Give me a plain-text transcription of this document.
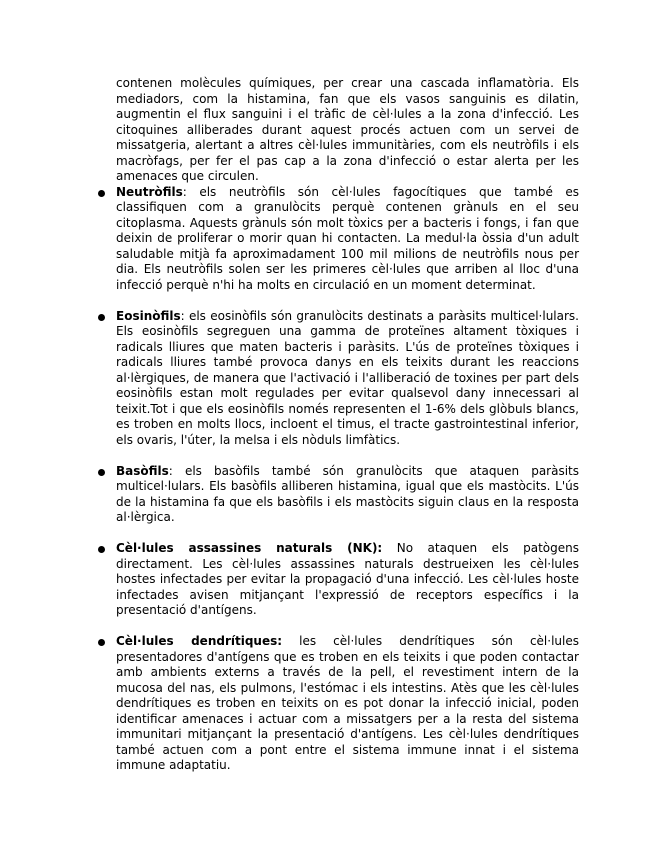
contenen molècules químiques, per crear una cascada inflamatòria. Els mediadors, com la histamina, fan que els vasos sanguinis es dilatin, augmentin el flux sanguini i el tràfic de cèl·lules a la zona d'infecció. Les citoquines alliberades durant aquest procés actuen com un servei de missatgeria, alertant a altres cèl·lules immunitàries, com els neutròfils i els macròfags, per fer el pas cap a la zona d'infecció o estar alerta per les amenaces que circulen.

Neutròfils: els neutròfils són cèl·lules fagocítiques que també es classifiquen com a granulòcits perquè contenen grànuls en el seu citoplasma. Aquests grànuls són molt tòxics per a bacteris i fongs, i fan que deixin de proliferar o morir quan hi contacten. La medul·la òssia d'un adult saludable mitjà fa aproximadament 100 mil milions de neutròfils nous per dia. Els neutròfils solen ser les primeres cèl·lules que arriben al lloc d'una infecció perquè n'hi ha molts en circulació en un moment determinat.
Eosinòfils: els eosinòfils són granulòcits destinats a paràsits multicel·lulars. Els eosinòfils segreguen una gamma de proteïnes altament tòxiques i radicals lliures que maten bacteris i paràsits. L'ús de proteïnes tòxiques i radicals lliures també provoca danys en els teixits durant les reaccions al·lèrgiques, de manera que l'activació i l'alliberació de toxines per part dels eosinòfils estan molt regulades per evitar qualsevol dany innecessari al teixit.Tot i que els eosinòfils només representen el 1-6% dels glòbuls blancs, es troben en molts llocs, incloent el timus, el tracte gastrointestinal inferior, els ovaris, l'úter, la melsa i els nòduls limfàtics.
Basòfils: els basòfils també són granulòcits que ataquen paràsits multicel·lulars. Els basòfils alliberen histamina, igual que els mastòcits. L'ús de la histamina fa que els basòfils i els mastòcits siguin claus en la resposta al·lèrgica.
Cèl·lules assassines naturals (NK): No ataquen els patògens directament. Les cèl·lules assassines naturals destrueixen les cèl·lules hostes infectades per evitar la propagació d'una infecció. Les cèl·lules hoste infectades avisen mitjançant l'expressió de receptors específics i la presentació d'antígens.
Cèl·lules dendrítiques: les cèl·lules dendrítiques són cèl·lules presentadores d'antígens que es troben en els teixits i que poden contactar amb ambients externs a través de la pell, el revestiment intern de la mucosa del nas, els pulmons, l'estómac i els intestins. Atès que les cèl·lules dendrítiques es troben en teixits on es pot donar la infecció inicial, poden identificar amenaces i actuar com a missatgers per a la resta del sistema immunitari mitjançant la presentació d'antígens. Les cèl·lules dendrítiques també actuen com a pont entre el sistema immune innat i el sistema immune adaptatiu.
